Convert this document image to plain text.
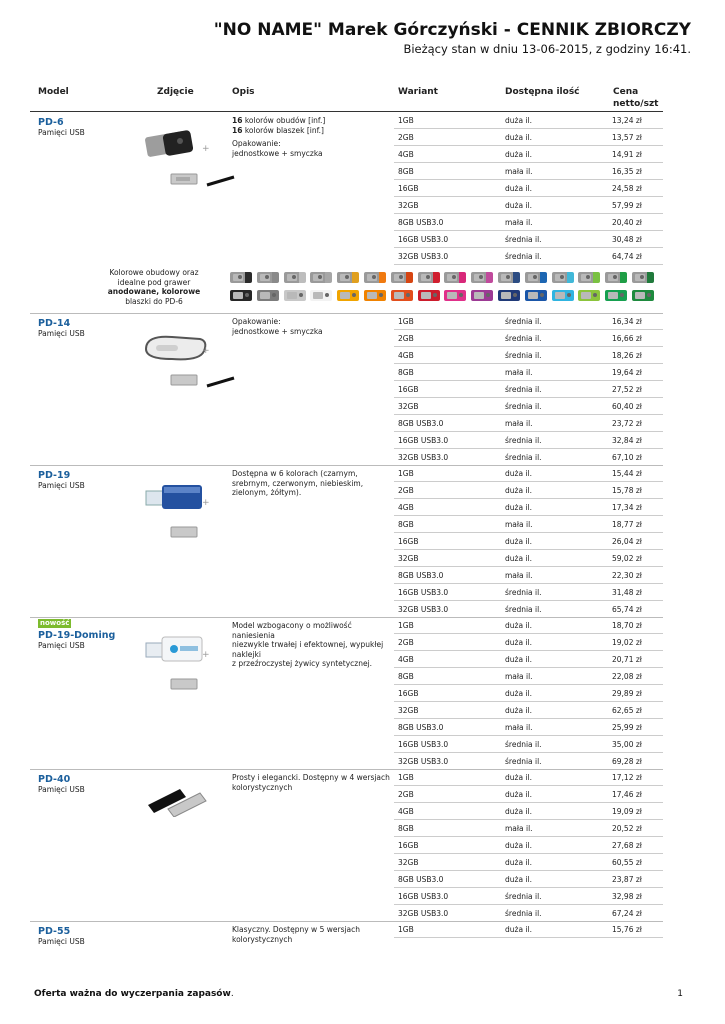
"NO NAME" Marek Górczyński - CENNIK ZBIORCZY
Bieżący stan w dniu 13-06-2015, z godziny 16:41.
Model	Zdjęcie	Opis	Wariant	Dostępna ilość	Cena
netto/szt
PD-6
Pamięci USB

16 kolorów obudów [inf.]
16 kolorów blaszek [inf.]

Opakowanie:
jednostkowe + smyczka

+
1GB	duża il.	13,24 zł
2GB	duża il.	13,57 zł
4GB	duża il.	14,91 zł
8GB	mała il.	16,35 zł
16GB	duża il.	24,58 zł
32GB	duża il.	57,99 zł
8GB USB3.0	mała il.	20,40 zł
16GB USB3.0	średnia il.	30,48 zł
32GB USB3.0	średnia il.	64,74 zł
Kolorowe obudowy oraz
idealne pod grawer
anodowane, kolorowe
blaszki do PD-6
PD-14
Pamięci USB

Opakowanie:
jednostkowe + smyczka

+
1GB	średnia il.	16,34 zł
2GB	średnia il.	16,66 zł
4GB	średnia il.	18,26 zł
8GB	mała il.	19,64 zł
16GB	średnia il.	27,52 zł
32GB	średnia il.	60,40 zł
8GB USB3.0	mała il.	23,72 zł
16GB USB3.0	średnia il.	32,84 zł
32GB USB3.0	średnia il.	67,10 zł
PD-19
Pamięci USB

Dostępna w 6 kolorach (czarnym, srebrnym, czerwonym, niebieskim, zielonym, żółtym).

+
1GB	duża il.	15,44 zł
2GB	duża il.	15,78 zł
4GB	duża il.	17,34 zł
8GB	mała il.	18,77 zł
16GB	duża il.	26,04 zł
32GB	duża il.	59,02 zł
8GB USB3.0	mała il.	22,30 zł
16GB USB3.0	średnia il.	31,48 zł
32GB USB3.0	średnia il.	65,74 zł
nowość
PD-19-Doming
Pamięci USB

Model wzbogacony o możliwość naniesienia
niezwykle trwałej i efektownej, wypukłej naklejki
z przeźroczystej żywicy syntetycznej.

+
1GB	duża il.	18,70 zł
2GB	duża il.	19,02 zł
4GB	duża il.	20,71 zł
8GB	mała il.	22,08 zł
16GB	duża il.	29,89 zł
32GB	duża il.	62,65 zł
8GB USB3.0	mała il.	25,99 zł
16GB USB3.0	średnia il.	35,00 zł
32GB USB3.0	średnia il.	69,28 zł
PD-40
Pamięci USB

Prosty i elegancki. Dostępny w 4 wersjach kolorystycznych

1GB	duża il.	17,12 zł
2GB	duża il.	17,46 zł
4GB	duża il.	19,09 zł
8GB	mała il.	20,52 zł
16GB	duża il.	27,68 zł
32GB	duża il.	60,55 zł
8GB USB3.0	duża il.	23,87 zł
16GB USB3.0	średnia il.	32,98 zł
32GB USB3.0	średnia il.	67,24 zł
PD-55
Pamięci USB

Klasyczny. Dostępny w 5 wersjach kolorystycznych

1GB	duża il.	15,76 zł
Oferta ważna do wyczerpania zapasów.	1
